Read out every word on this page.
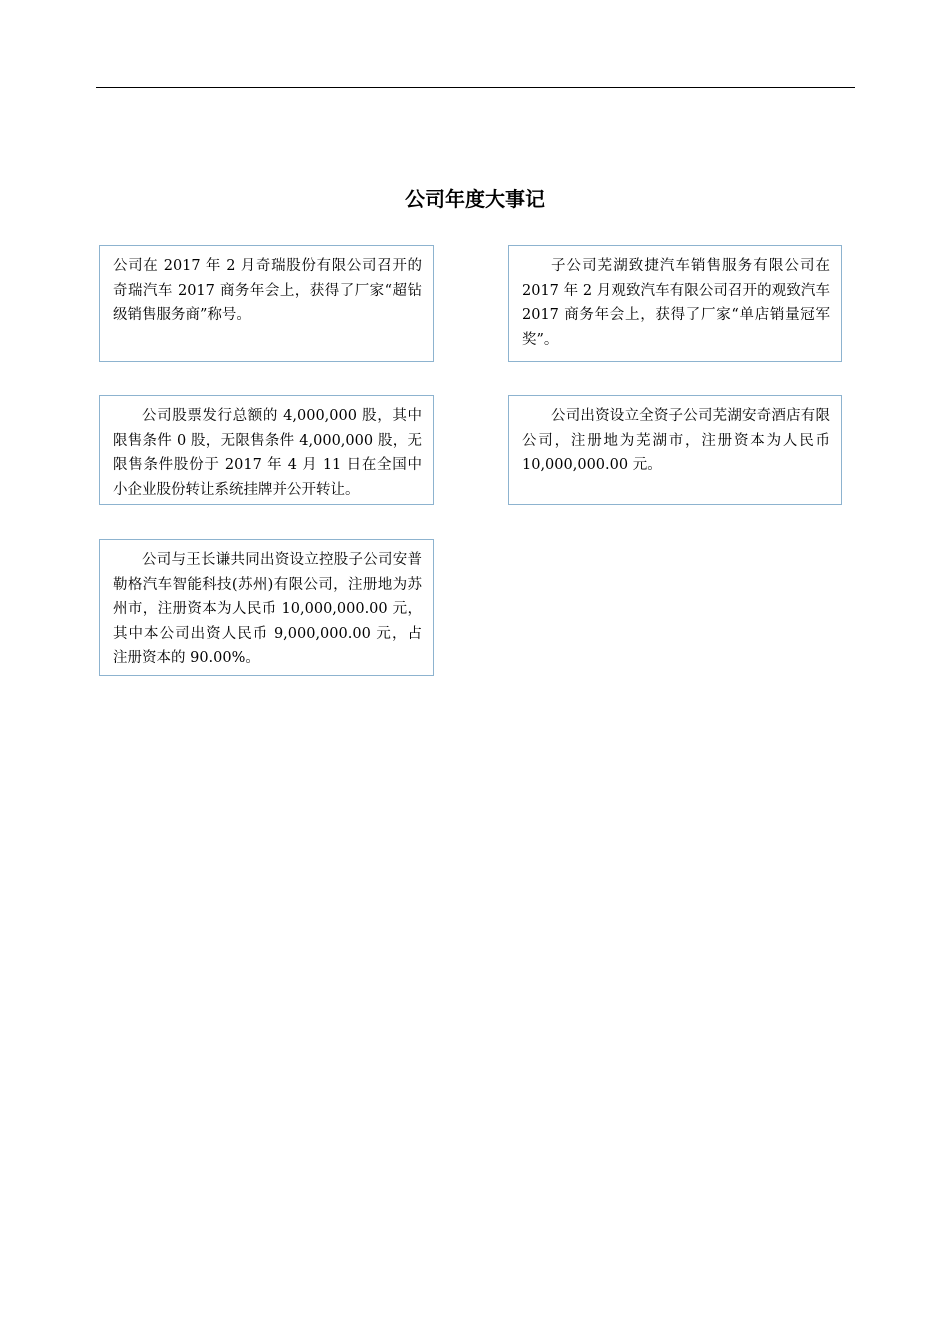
公司年度大事记

公司在 2017 年 2 月奇瑞股份有限公司召开的奇瑞汽车 2017 商务年会上，获得了厂家“超钻级销售服务商”称号。

子公司芜湖致捷汽车销售服务有限公司在 2017 年 2 月观致汽车有限公司召开的观致汽车 2017 商务年会上，获得了厂家“单店销量冠军奖”。

公司股票发行总额的 4,000,000 股，其中限售条件 0 股，无限售条件 4,000,000 股，无限售条件股份于 2017 年 4 月 11 日在全国中小企业股份转让系统挂牌并公开转让。

公司出资设立全资子公司芜湖安奇酒店有限公司，注册地为芜湖市，注册资本为人民币 10,000,000.00 元。

公司与王长谦共同出资设立控股子公司安普勒格汽车智能科技(苏州)有限公司，注册地为苏州市，注册资本为人民币 10,000,000.00 元，其中本公司出资人民币 9,000,000.00 元，占注册资本的 90.00%。
